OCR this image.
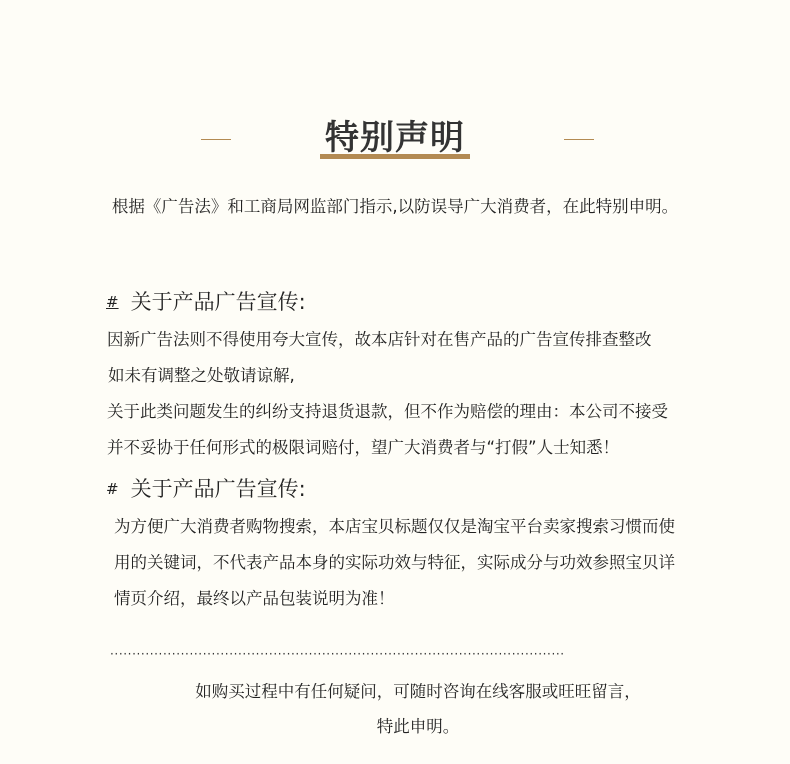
特别声明
根据《广告法》和工商局网监部门指示,以防误导广大消费者，在此特别申明。
# 关于产品广告宣传:
因新广告法则不得使用夸大宣传，故本店针对在售产品的广告宣传排查整改
如未有调整之处敬请谅解,
关于此类问题发生的纠纷支持退货退款，但不作为赔偿的理由：本公司不接受
并不妥协于任何形式的极限词赔付，望广大消费者与“打假”人士知悉！
# 关于产品广告宣传:
为方便广大消费者购物搜索，本店宝贝标题仅仅是淘宝平台卖家搜索习惯而使
用的关键词，不代表产品本身的实际功效与特征，实际成分与功效参照宝贝详
情页介绍，最终以产品包装说明为准！
·······································································································
如购买过程中有任何疑问，可随时咨询在线客服或旺旺留言，
特此申明。
